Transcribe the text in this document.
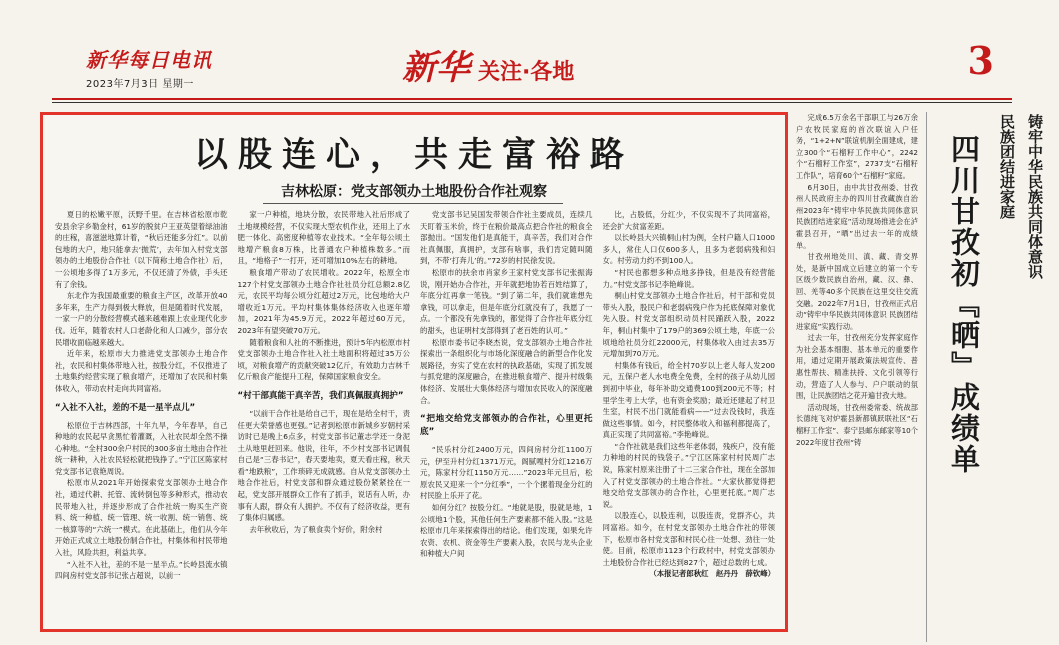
新华每日电讯
2023年7月3日 星期一	新华 关注·各地	3
以股连心，共走富裕路
吉林松原：党支部领办土地股份合作社观察

夏日的松嫩平原，沃野千里。在吉林省松原市乾安县余字乡勒金村，61岁的脱贫户王亚英望着绿油油的庄稼，喜滋滋地算计着，“秋后还能多分红”。以前包地的大户，地只能拿去‘抛荒’，去年加入村党支部领办的土地股份合作社（以下简称土地合作社）后，一公顷地多得了1万多元，不仅还清了外债，手头还有了余钱。

东北作为我国最重要的粮食主产区，改革开放40多年来，生产力得到极大释放，但是随着时代发展，一家一户的分散经营模式越来越难跟上农业现代化步伐。近年，随着农村人口老龄化和人口减少，部分农民增收面临越来越大。

近年来，松原市大力推进党支部领办土地合作社，农民和村集体带地入社，按股分红，不仅推进了土地集约经营实现了粮食增产，还增加了农民和村集体收入，带动农村走向共同富裕。

“入社不入社，差的不是一星半点儿”

松原位于吉林西部，十年九旱，今年春旱，自己种地的农民起早贪黑忙着灌溉，入社农民却全然不操心种地。“全村300余户村民的300多亩土地由合作社统一耕种，入社农民轻松就把钱挣了。”宁江区陈家村党支部书记袁艳周说。

松原市从2021年开始探索党支部领办土地合作社，通过代耕、托管、流转倒包等多种形式，推动农民带地入社，并逐步形成了合作社统一购买生产资料、统一种植、统一管理、统一收割、统一销售、统一核算等的“六统一”模式。在此基础上，他们从今年开始正式成立土地股份制合作社，村集体和村民带地入社，风险共担，利益共享。

“入社不入社，差的不是一星半点。”长岭县流水镇四间房村党支部书记张占超说，以前一

家一户种植，地块分散，农民带地入社后形成了土地规模经营，不仅实现大型农机作业，还用上了水肥一体化、高密度种植等农业技术。“全年每公顷土地增产粮食8万株，比普通农户种植株数多。”而且，“地格子”一打开，还可增加10%左右的耕地。

粮食增产带动了农民增收。2022年，松原全市127个村党支部领办土地合作社社员分红总额2.8亿元，农民平均每公顷分红超过2万元，比包地给大户增收近1万元。平均村集体集体经济收入也逐年增加，2021年为45.9万元，2022年超过60万元，2023年有望突破70万元。

随着粮食和人社的不断推进，预计5年内松原市村党支部领办土地合作社入社土地面积将超过35万公顷，对粮食增产的贡献突破12亿斤，有效助力吉林千亿斤粮食产能提升工程，保障国家粮食安全。

“村干部真能干真辛苦，我们真佩服真拥护”

“以前干合作社是给自己干，现在是给全村干，责任更大荣誉感也更强。”记者到松原市新城乡岁朝村采访时已是晚上6点多，村党支部书记董志学还一身泥土从地里赶回来。他说，往年，不少村支部书记调侃自己是“三春书记”，春天要地卖，夏天看庄稼，秋天看“地跌粮”，工作琐碎无成就感。自从党支部领办土地合作社后，村党支部和群众通过股份紧紧拴在一起，党支部开展群众工作有了抓手，说话有人听，办事有人跟，群众有人拥护。不仅有了经济收益，更有了集体归属感。

去年秋收后，为了粮食卖个好价，附余村

党支部书记吴国发带领合作社主要成员，连续几天盯着玉米价，终于在粮价最高点把合作社的粮食全部抛出。“国发他们是真能干，真辛苦，我们对合作社真佩服，真拥护，支部有啥事，我们肯定随叫随到，不带‘打奔儿’的。”72岁的村民徐发说。

松原市的扶余市肖家乡王家村党支部书记张振海说，刚开始办合作社，开年就把地协若百姓结算了，年底分红再拿一笔钱。“到了第二年，我们就谁想先拿钱，可以拿走，但是年底分红就没有了，我愿了一点。一个都没有先拿钱的，都觉得了合作社年底分红的甜头，也证明村支部得到了老百姓的认可。”

松原市委书记李晓杰说，党支部领办土地合作社探索出一条组织化与市场化深度融合的新型合作化发展路径，夯实了党在农村的执政基础，实现了抓发展与抓党建的深度融合，在推进粮食增产、提升村级集体经济、发展壮大集体经济与增加农民收入的深度融合。

“把地交给党支部领办的合作社，心里更托底”

“民乐村分红2400万元，四间房村分红1100万元，伊至升村分红1371万元，阁腻嘎村分红1216万元，陈家村分红1150万元……”2023年元旦后，松原农民又迎来一个“分红季”，一个个摞着现金分红的村民脸上乐开了花。

如何分红？按股分红。“地就是股，股就是地，1公顷地1个股，其他任何生产要素都不能入股。”这是松原市几年来探索得出的结论。他们发现，如果允许农资、农机、资金等生产要素入股，农民与龙头企业和种植大户间

比，占股低，分红少，不仅实现不了共同富裕，还会扩大贫富差距。

以长岭县大兴镇桐山村为例，全村户籍人口1000多人，常住人口仅600多人，且多为老弱病残和妇女。村劳动力约不到100人。

“村民也都想多种点地多挣钱，但是没有经营能力。”村党支部书记李艳峰说。

桐山村党支部领办土地合作社后，村干部和党员带头入股，股民户和老弱病残户作为托底保障对象优先入股。村党支部组织动员村民踊跃入股，2022年，桐山村集中了179户的369公顷土地，年底一公顷地给社员分红22000元，村集体收入由过去35万元增加到70万元。

村集体有钱后，给全村70岁以上老人每人发200元，五保户老人水电费全免费，全村的孩子从幼儿园到初中毕业，每年补助交通费100到200元不等；村里学生考上大学，也有资金奖励；最近还建起了村卫生室，村民不出门就能看病——“过去没钱时，我连做这些事情。如今，村民整体收入和福利都提高了，真正实现了共同富裕。”李艳峰说。

“合作社就是我们这些年老体弱，残疾户，没有能力种地的村民的钱袋子。”宁江区陈家村村民周广志说，陈家村原来注册了十二三家合作社，现在全部加入了村党支部领办的土地合作社。“大家伙都觉得把地交给党支部领办的合作社，心里更托底。”周广志说。

以股连心，以股连利，以股连责，党群齐心，共同富裕。如今，在村党支部领办土地合作社的带领下，松原市各村党支部和村民心往一处想、劲往一处使。目前，松原市1123个行政村中，村党支部领办土地股份合作社已经达到827个，超过总数的七成。

（本报记者郎秋红　赵丹丹　薛钦峰）

完成6.5万余名干部职工与26万余户农牧民家庭的首次联谊入户任务，“1+2+N”联谊机制全面建成，建立300个“石榴籽工作中心”，2242个“石榴籽工作室”，2737支“石榴籽工作队”，培育60个“石榴籽”家庭。

6月30日，由中共甘孜州委、甘孜州人民政府主办的四川甘孜藏族自治州2023年“铸牢中华民族共同体意识 民族团结进家庭”活动现场推进会在泸霍县召开，“晒”出过去一年的成绩单。

甘孜州地处川、滇、藏、青交界处，是新中国成立后建立的第一个专区级少数民族自治州，藏、汉、彝、回、羌等40多个民族在这里交往交流交融。2022年7月1日，甘孜州正式启动“铸牢中华民族共同体意识 民族团结进家庭”实践行动。

过去一年，甘孜州充分发挥家庭作为社会基本细胞、基本单元的重要作用，通过定期开展政策法规宣传、普惠性帮扶、精准扶持、文化引领等行动，营造了人人参与、户户联动的氛围，让民族团结之花开遍甘孜大地。

活动现场，甘孜州委常委、统战部长德纯飞对炉霍县新都镇跃联社区“石榴籽工作室”、泰宁县邮东邮家等10个2022年度甘孜州“铸	四川甘孜初『晒』成绩单 民族团结进家庭 铸牢中华民族共同体意识
